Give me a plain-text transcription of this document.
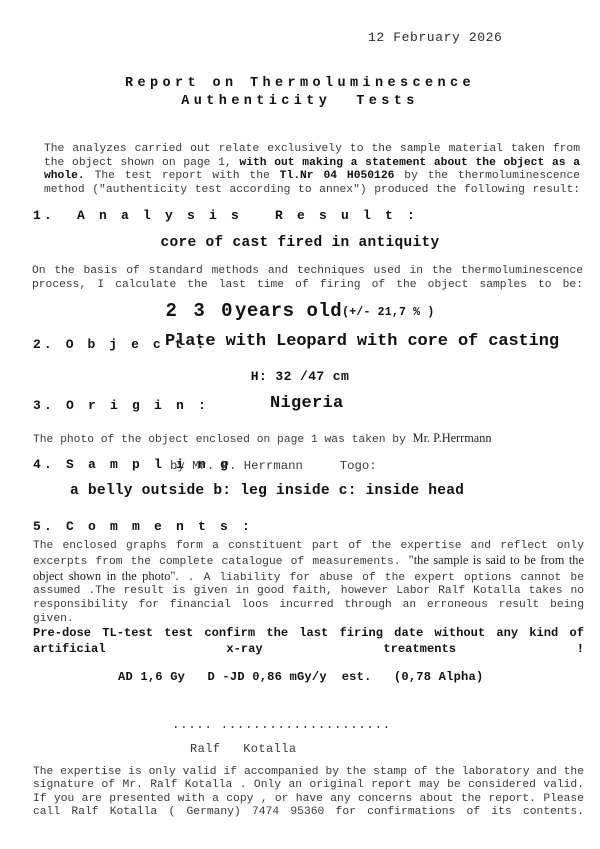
12 February 2026
Report on Thermoluminescence
Authenticity  Tests
The analyzes carried out relate exclusively to the sample material taken from the object shown on page 1, with out making a statement about the object as a whole. The test report with the Tl.Nr 04 H050126 by the thermoluminescence method ("authenticity test according to annex") produced the following result:
1.  A n a l y s i s   R e s u l t :
core of cast fired in antiquity
On the basis of standard methods and techniques used in the thermoluminescence process, I calculate the last time of firing of the object samples to be:
2 3 0years old(+/- 21,7 % )
2. O b j e c t :
Plate with Leopard with core of casting
H: 32 /47 cm
3. O r i g i n :	Nigeria
The photo of the object enclosed on page 1 was taken by Mr. P.Herrmann
4. S a m p l i n g
by Mr. P. Herrmann     Togo:
a belly outside b: leg inside c: inside head
5. C o m m e n t s :
The enclosed graphs form a constituent part of the expertise and reflect only excerpts from the complete catalogue of measurements. "the sample is said to be from the object shown in the photo". . A liability for abuse of the expert options cannot be assumed .The result is given in good faith, however Labor Ralf Kotalla takes no responsibility for financial loos incurred through an erroneous result being given.
Pre-dose TL-test test confirm the last firing date without any kind of artificial x-ray treatments !
AD 1,6 Gy   D -JD 0,86 mGy/y  est.   (0,78 Alpha)
..... .....................
Ralf   Kotalla
The expertise is only valid if accompanied by the stamp of the laboratory and the signature of Mr. Ralf Kotalla . Only an original report may be considered valid. If you are presented with a copy , or have any concerns about the report. Please call Ralf Kotalla ( Germany) 7474 95360 for confirmations of its contents.
